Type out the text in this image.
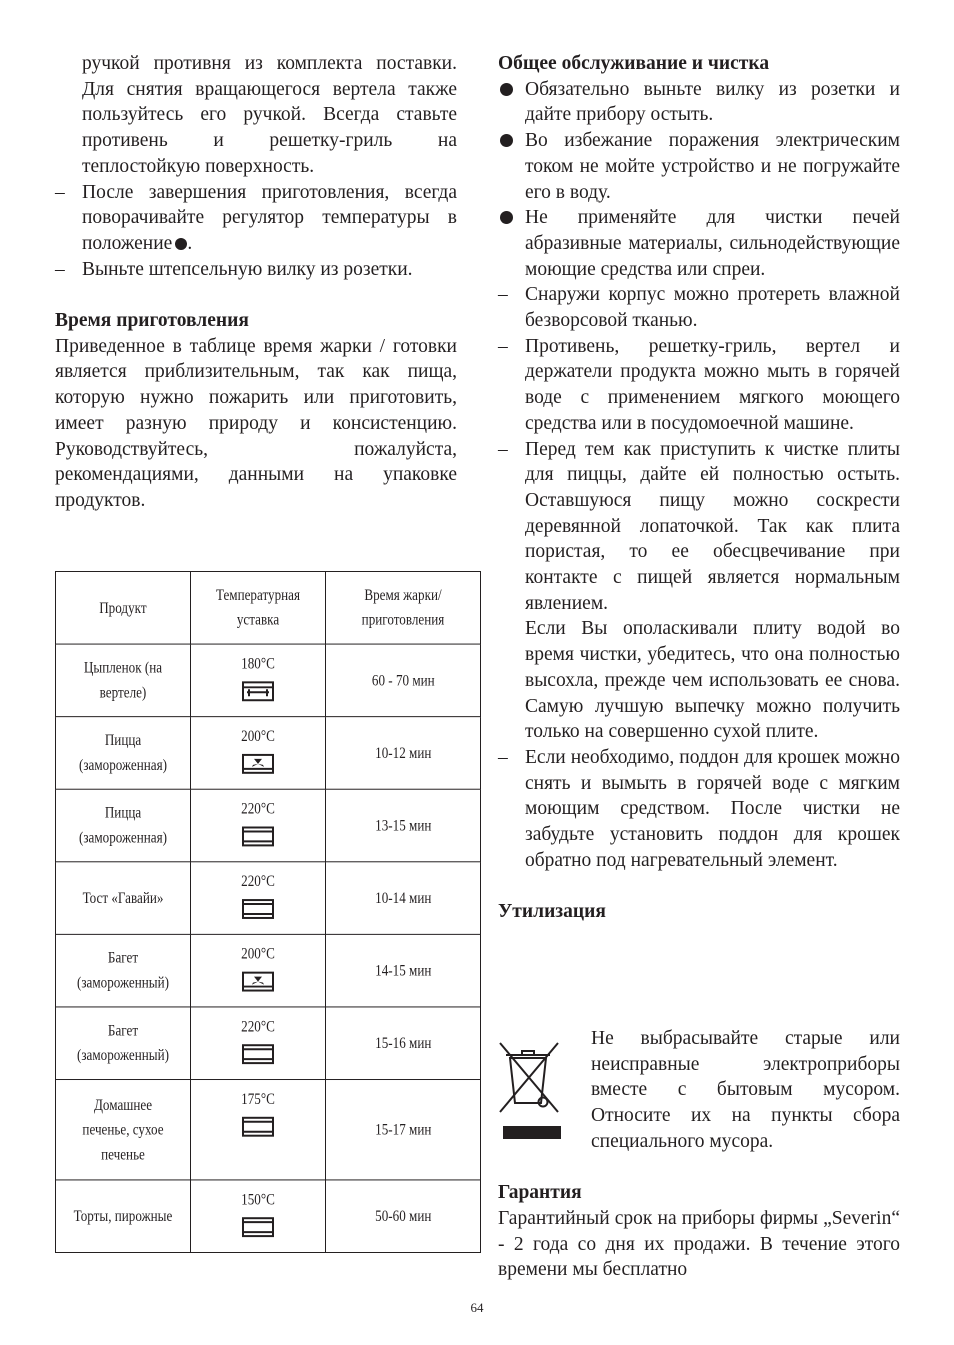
ручкой противня из комплекта поставки. Для снятия вращающегося вертела также пользуйтесь его ручкой. Всегда ставьте противень и решетку-гриль на теплостойкую поверхность.

– После завершения приготовления, всегда поворачивайте регулятор температуры в положение .
– Выньте штепсельную вилку из розетки.

Время приготовления

Приведенное в таблице время жарки / готовки является приблизительным, так как пища, которую нужно пожарить или приготовить, имеет разную природу и консистенцию. Руководствуйтесь, пожалуйста, рекомендациями, данными на упаковке продуктов.

Продукт	Температурная уставка	Время жарки/ приготовления
Цыпленок (на вертеле)	180°C	60 - 70 мин
Пицца (замороженная)	200°C	10-12 мин
Пицца (замороженная)	220°C	13-15 мин
Тост «Гавайи»	220°C	10-14 мин
Багет (замороженный)	200°C	14-15 мин
Багет (замороженный)	220°C	15-16 мин
Домашнее печенье, сухое печенье	175°C	15-17 мин
Торты, пирожные	150°C	50-60 мин

Общее обслуживание и чистка

Обязательно выньте вилку из розетки и дайте прибору остыть.
Во избежание поражения электрическим током не мойте устройство и не погружайте его в воду.
Не применяйте для чистки печей абразивные материалы, сильнодействующие моющие средства или спреи.
– Снаружи корпус можно протереть влажной безворсовой тканью.
– Противень, решетку-гриль, вертел и держатели продукта можно мыть в горячей воде с применением мягкого моющего средства или в посудомоечной машине.
– Перед тем как приступить к чистке плиты для пиццы, дайте ей полностью остыть. Оставшуюся пищу можно соскрести деревянной лопаточкой. Так как плита пористая, то ее обесцвечивание при контакте с пищей является нормальным явлением.

Если Вы ополаскивали плиту водой во время чистки, убедитесь, что она полностью высохла, прежде чем использовать ее снова. Самую лучшую выпечку можно получить только на совершенно сухой плите.

– Если необходимо, поддон для крошек можно снять и вымыть в горячей воде с мягким моющим средством. После чистки не забудьте установить поддон для крошек обратно под нагревательный элемент.

Утилизация

Не выбрасывайте старые или неисправные электроприборы вместе с бытовым мусором. Относите их на пункты сбора специального мусора.

Гарантия

Гарантийный срок на приборы фирмы „Severin“ - 2 года со дня их продажи. В течение этого времени мы бесплатно

64
